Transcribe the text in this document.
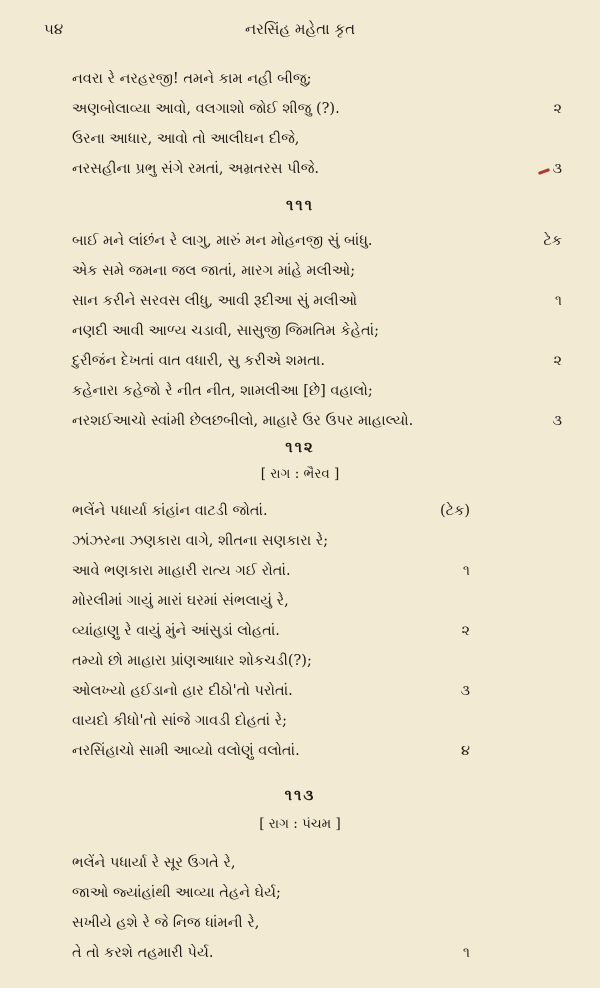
૫૪	નરસિંહ મહેતા કૃત
નવરા રે નરહરજી! તમને કામ નહી બીજુ;
અણબોલાવ્યા આવો, વલગાશો જોઈ શીજુ (?).	૨
ઉરના આધાર, આવો તો આલીઘન દીજે,
નરસહીના પ્રભુ સંગે રમતાં, અમ્રતરસ પીજે.	૩
૧૧૧
બાઈ મને લાંછંન રે લાગુ, મારું મન મોહનજી સું બાંધુ.	ટેક
એક સમે જમના જલ જાતાં, મારગ માંહે મલીઓ;
સાન કરીને સરવસ લીધુ, આવી રૂદીઆ સું મલીઓ	૧
નણદી આવી આળ્ય ચડાવી, સાસુજી જિમતિમ કેહેતાં;
દુરીજંન દેખતાં વાત વધારી, સુ કરીએ શમતા.	૨
કહેનારા કહેજો રે નીત નીત, શામલીઆ [છે] વહાલો;
નરશઈઆચો સ્વાંમી છેલછબીલો, માહારે ઉર ઉપર માહાલ્યો.	૩
૧૧૨
[ રાગ : ભૈરવ ]
ભલેંને પધાર્યા કાંહાંન વાટડી જોતાં.	(ટેક)
ઝાંઝરના ઝણકારા વાગે, શીતના સણકારા રે;
આવે ભણકારા માહારી રાત્ય ગઈ રોતાં.	૧
મોરલીમાં ગાયું મારાં ઘરમાં સંભલાયું રે,
વ્યાંહાણુ રે વાયું મુંને આંસુડાં લોહતાં.	૨
તમ્યો છો માહારા પ્રાંણઆધાર શોકચડી(?);
ઓલખ્યો હઈડાનો હાર દીઠો'તો પરોતાં.	૩
વાયદો કીધો'તો સાંજે ગાવડી દોહતાં રે;
નરસિંહાચો સામી આવ્યો વલોણું વલોતાં.	૪
૧૧૩
[ રાગ : પંચમ ]
ભલેંને પધાર્યા રે સૂર ઉગતે રે,
જાઓ જ્યાંહાંથી આવ્યા તેહને ઘેર્ય;
સખીયે હશે રે જે નિજ ધાંમની રે,
તે તો કરશે તહમારી પેર્ય.	૧
